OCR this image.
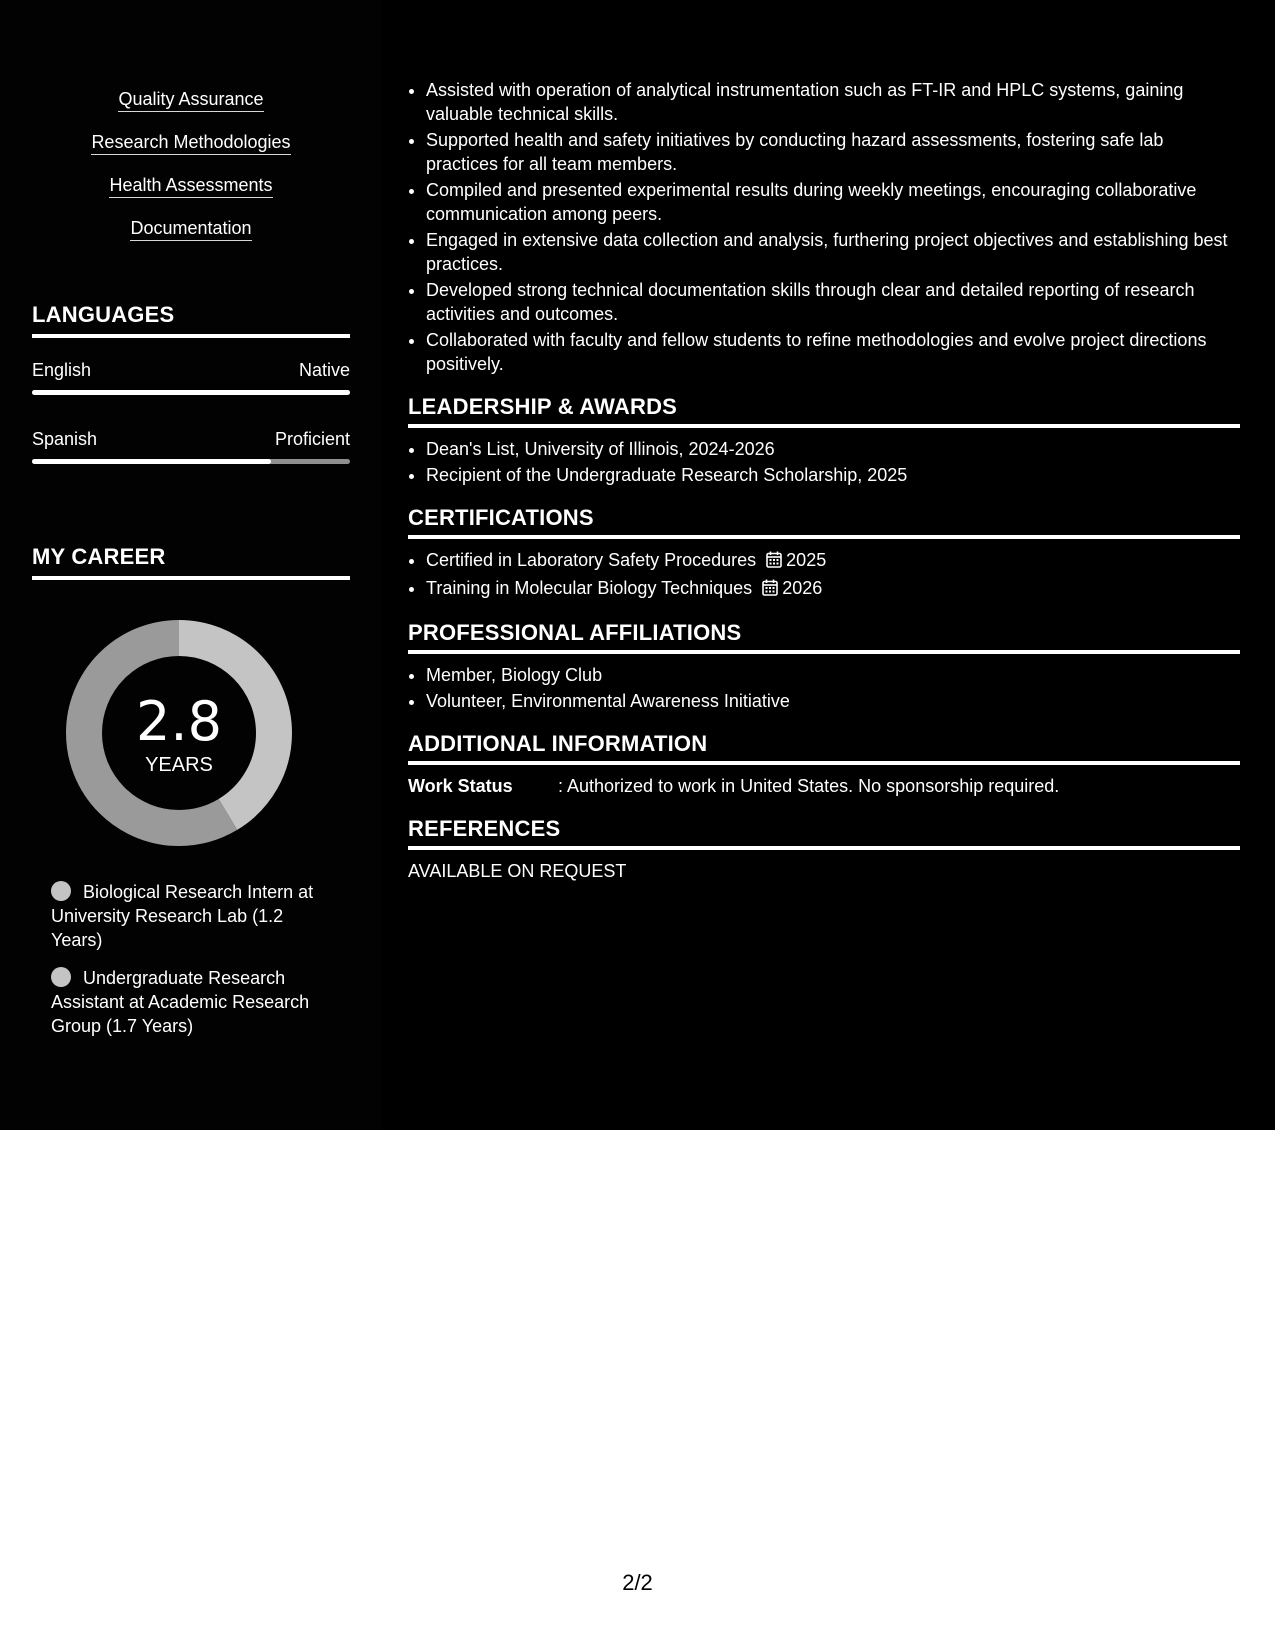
Quality Assurance
Research Methodologies
Health Assessments
Documentation
LANGUAGES
English	Native
Spanish	Proficient
MY CAREER
2.8
YEARS
Biological Research Intern at University Research Lab (1.2 Years)
Undergraduate Research Assistant at Academic Research Group (1.7 Years)
• Assisted with operation of analytical instrumentation such as FT-IR and HPLC systems, gaining valuable technical skills.
• Supported health and safety initiatives by conducting hazard assessments, fostering safe lab practices for all team members.
• Compiled and presented experimental results during weekly meetings, encouraging collaborative communication among peers.
• Engaged in extensive data collection and analysis, furthering project objectives and establishing best practices.
• Developed strong technical documentation skills through clear and detailed reporting of research activities and outcomes.
• Collaborated with faculty and fellow students to refine methodologies and evolve project directions positively.
LEADERSHIP & AWARDS
• Dean's List, University of Illinois, 2024-2026
• Recipient of the Undergraduate Research Scholarship, 2025
CERTIFICATIONS
• Certified in Laboratory Safety Procedures 2025
• Training in Molecular Biology Techniques 2026
PROFESSIONAL AFFILIATIONS
• Member, Biology Club
• Volunteer, Environmental Awareness Initiative
ADDITIONAL INFORMATION
Work Status	: Authorized to work in United States. No sponsorship required.
REFERENCES
AVAILABLE ON REQUEST
2/2
